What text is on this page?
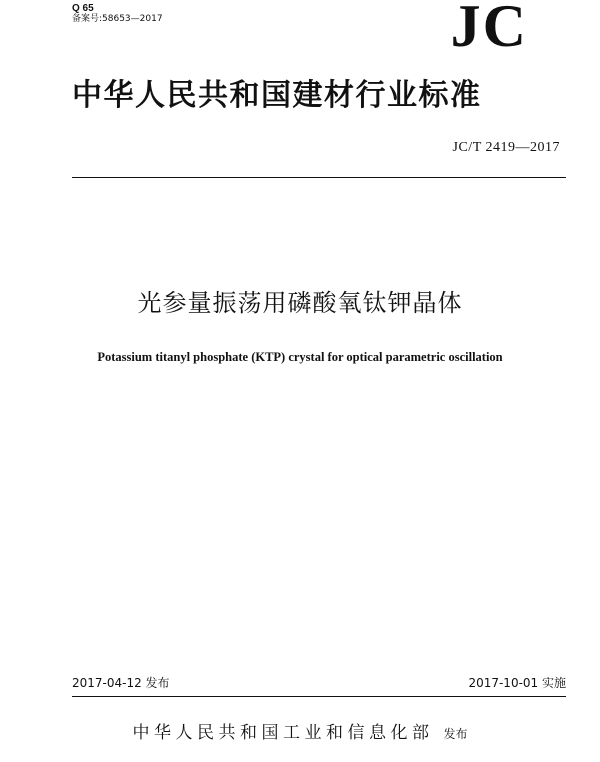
Q 65
备案号:58653—2017	JC
中华人民共和国建材行业标准
JC/T 2419—2017
光参量振荡用磷酸氧钛钾晶体
Potassium titanyl phosphate (KTP) crystal for optical parametric oscillation
2017-04-12 发布	2017-10-01 实施
中华人民共和国工业和信息化部 发布
